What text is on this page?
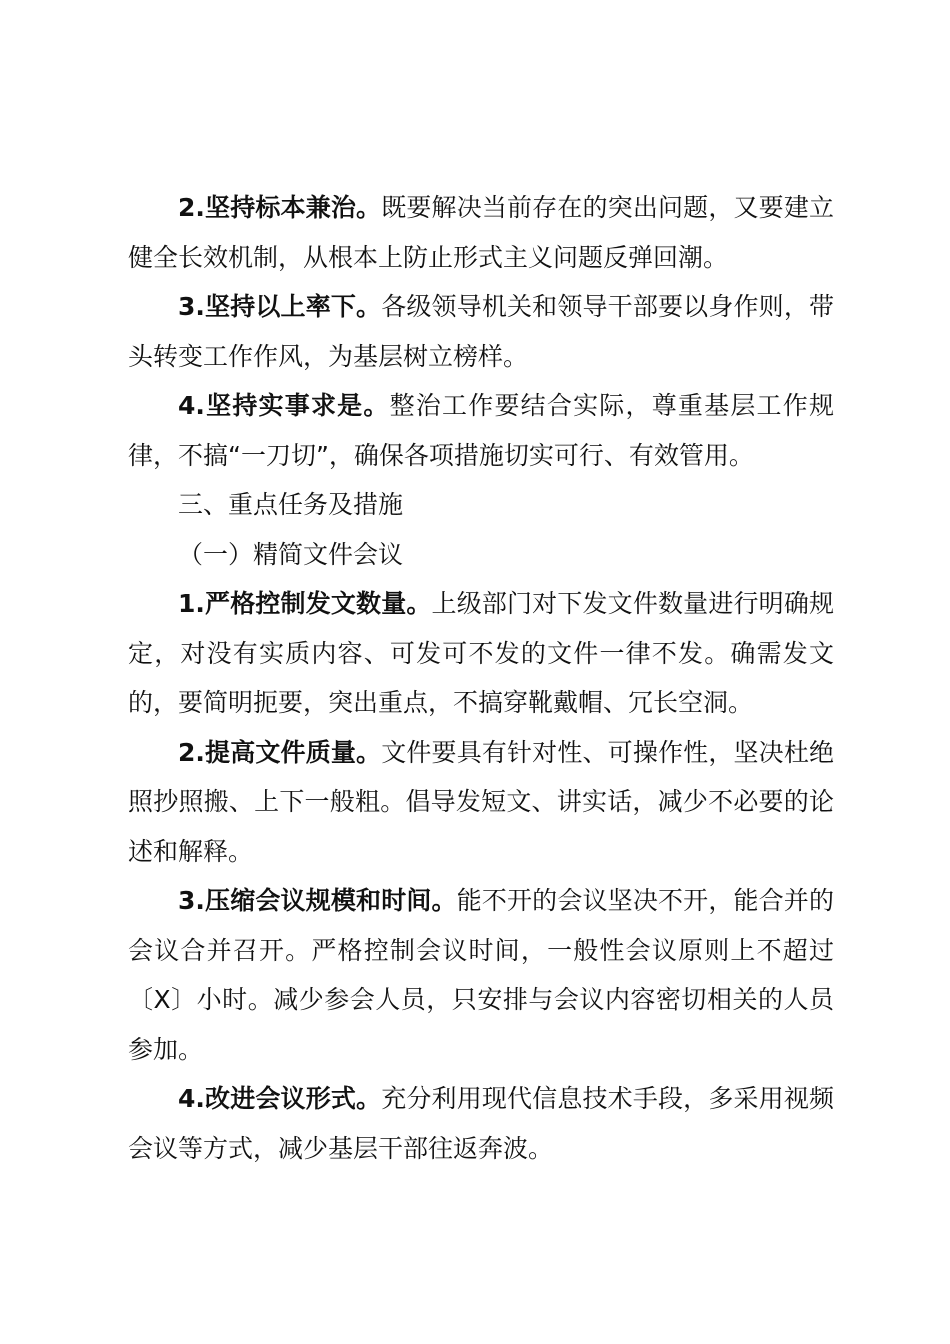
2.坚持标本兼治。既要解决当前存在的突出问题，又要建立健全长效机制，从根本上防止形式主义问题反弹回潮。

3.坚持以上率下。各级领导机关和领导干部要以身作则，带头转变工作作风，为基层树立榜样。

4.坚持实事求是。整治工作要结合实际，尊重基层工作规律，不搞“一刀切”，确保各项措施切实可行、有效管用。

三、重点任务及措施

（一）精简文件会议

1.严格控制发文数量。上级部门对下发文件数量进行明确规定，对没有实质内容、可发可不发的文件一律不发。确需发文的，要简明扼要，突出重点，不搞穿靴戴帽、冗长空洞。

2.提高文件质量。文件要具有针对性、可操作性，坚决杜绝照抄照搬、上下一般粗。倡导发短文、讲实话，减少不必要的论述和解释。

3.压缩会议规模和时间。能不开的会议坚决不开，能合并的会议合并召开。严格控制会议时间，一般性会议原则上不超过〔X〕小时。减少参会人员，只安排与会议内容密切相关的人员参加。

4.改进会议形式。充分利用现代信息技术手段，多采用视频会议等方式，减少基层干部往返奔波。
